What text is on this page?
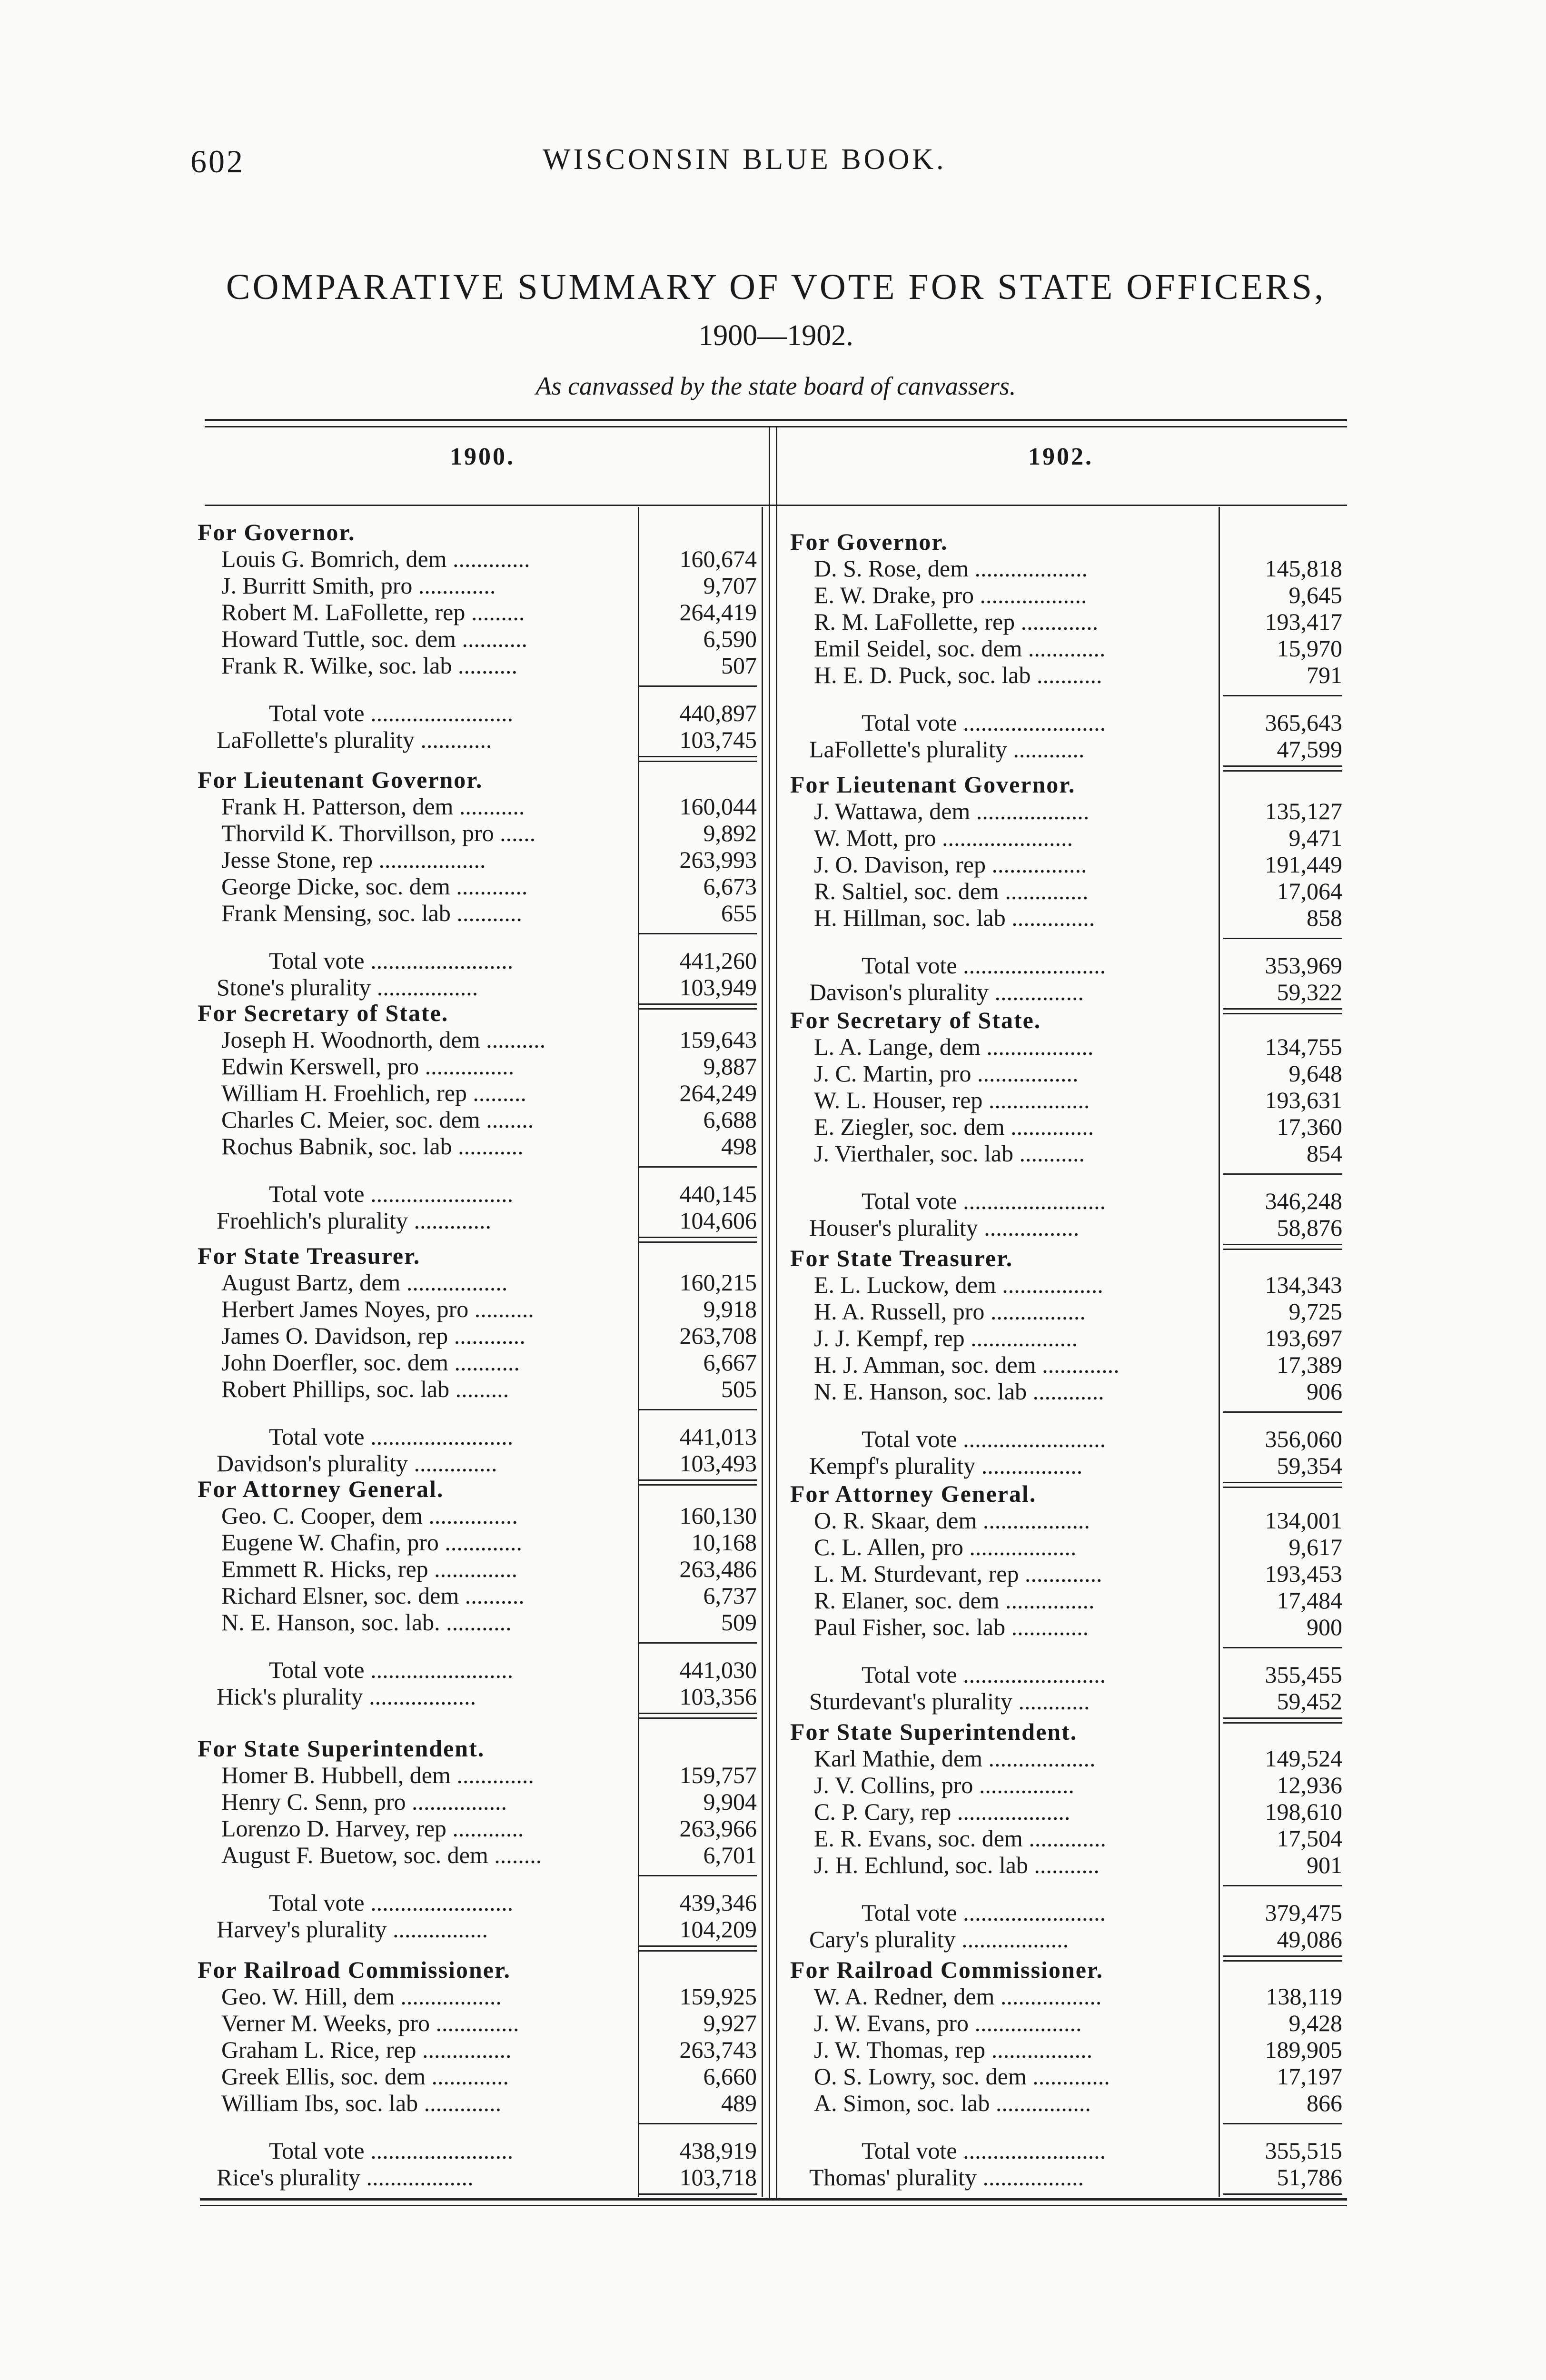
602	WISCONSIN BLUE BOOK.
COMPARATIVE SUMMARY OF VOTE FOR STATE OFFICERS,
1900—1902.
As canvassed by the state board of canvassers.
1900.	1902.
For Governor.
Louis G. Bomrich, dem .............	160,674
J. Burritt Smith, pro .............	9,707
Robert M. LaFollette, rep .........	264,419
Howard Tuttle, soc. dem ...........	6,590
Frank R. Wilke, soc. lab ..........	507
Total vote ........................	440,897
LaFollette's plurality ............	103,745
For Lieutenant Governor.
Frank H. Patterson, dem ...........	160,044
Thorvild K. Thorvillson, pro ......	9,892
Jesse Stone, rep ..................	263,993
George Dicke, soc. dem ............	6,673
Frank Mensing, soc. lab ...........	655
Total vote ........................	441,260
Stone's plurality .................	103,949
For Secretary of State.
Joseph H. Woodnorth, dem ..........	159,643
Edwin Kerswell, pro ...............	9,887
William H. Froehlich, rep .........	264,249
Charles C. Meier, soc. dem ........	6,688
Rochus Babnik, soc. lab ...........	498
Total vote ........................	440,145
Froehlich's plurality .............	104,606
For State Treasurer.
August Bartz, dem .................	160,215
Herbert James Noyes, pro ..........	9,918
James O. Davidson, rep ............	263,708
John Doerfler, soc. dem ...........	6,667
Robert Phillips, soc. lab .........	505
Total vote ........................	441,013
Davidson's plurality ..............	103,493
For Attorney General.
Geo. C. Cooper, dem ...............	160,130
Eugene W. Chafin, pro .............	10,168
Emmett R. Hicks, rep ..............	263,486
Richard Elsner, soc. dem ..........	6,737
N. E. Hanson, soc. lab. ...........	509
Total vote ........................	441,030
Hick's plurality ..................	103,356
For State Superintendent.
Homer B. Hubbell, dem .............	159,757
Henry C. Senn, pro ................	9,904
Lorenzo D. Harvey, rep ............	263,966
August F. Buetow, soc. dem ........	6,701
Total vote ........................	439,346
Harvey's plurality ................	104,209
For Railroad Commissioner.
Geo. W. Hill, dem .................	159,925
Verner M. Weeks, pro ..............	9,927
Graham L. Rice, rep ...............	263,743
Greek Ellis, soc. dem .............	6,660
William Ibs, soc. lab .............	489
Total vote ........................	438,919
Rice's plurality ..................	103,718
For Governor.
D. S. Rose, dem ...................	145,818
E. W. Drake, pro ..................	9,645
R. M. LaFollette, rep .............	193,417
Emil Seidel, soc. dem .............	15,970
H. E. D. Puck, soc. lab ...........	791
Total vote ........................	365,643
LaFollette's plurality ............	47,599
For Lieutenant Governor.
J. Wattawa, dem ...................	135,127
W. Mott, pro ......................	9,471
J. O. Davison, rep ................	191,449
R. Saltiel, soc. dem ..............	17,064
H. Hillman, soc. lab ..............	858
Total vote ........................	353,969
Davison's plurality ...............	59,322
For Secretary of State.
L. A. Lange, dem ..................	134,755
J. C. Martin, pro .................	9,648
W. L. Houser, rep .................	193,631
E. Ziegler, soc. dem ..............	17,360
J. Vierthaler, soc. lab ...........	854
Total vote ........................	346,248
Houser's plurality ................	58,876
For State Treasurer.
E. L. Luckow, dem .................	134,343
H. A. Russell, pro ................	9,725
J. J. Kempf, rep ..................	193,697
H. J. Amman, soc. dem .............	17,389
N. E. Hanson, soc. lab ............	906
Total vote ........................	356,060
Kempf's plurality .................	59,354
For Attorney General.
O. R. Skaar, dem ..................	134,001
C. L. Allen, pro ..................	9,617
L. M. Sturdevant, rep .............	193,453
R. Elaner, soc. dem ...............	17,484
Paul Fisher, soc. lab .............	900
Total vote ........................	355,455
Sturdevant's plurality ............	59,452
For State Superintendent.
Karl Mathie, dem ..................	149,524
J. V. Collins, pro ................	12,936
C. P. Cary, rep ...................	198,610
E. R. Evans, soc. dem .............	17,504
J. H. Echlund, soc. lab ...........	901
Total vote ........................	379,475
Cary's plurality ..................	49,086
For Railroad Commissioner.
W. A. Redner, dem .................	138,119
J. W. Evans, pro ..................	9,428
J. W. Thomas, rep .................	189,905
O. S. Lowry, soc. dem .............	17,197
A. Simon, soc. lab ................	866
Total vote ........................	355,515
Thomas' plurality .................	51,786
